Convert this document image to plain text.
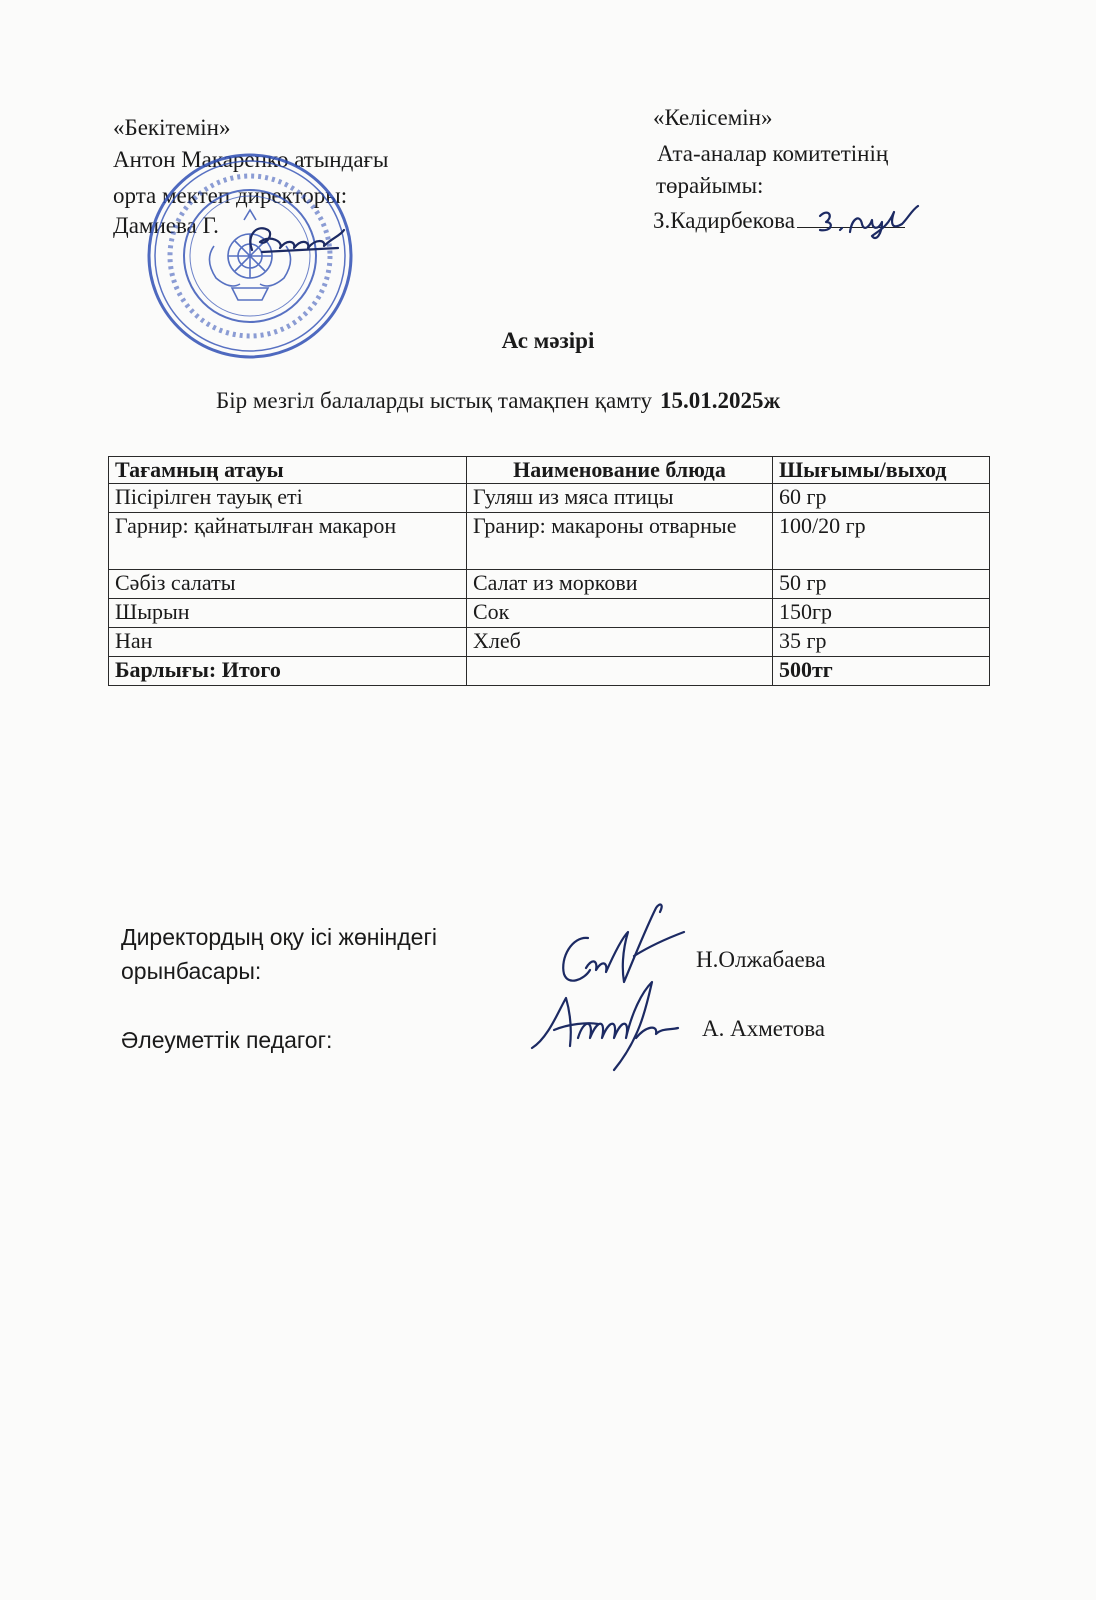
«Бекітемін»
Антон Макаренко атындағы
орта мектеп директоры:
Дамиева Г.
«Келісемін»
Ата-аналар комитетінің
төрайымы:
З.Кадирбекова
Ас мәзірі
Бір мезгіл балаларды ыстық тамақпен қамту 15.01.2025ж
Тағамның атауы	Наименование блюда	Шығымы/выход
Пісірілген тауық еті	Гуляш из мяса птицы	60 гр
Гарнир: қайнатылған макарон	Гранир: макароны отварные	100/20 гр
Сәбіз салаты	Салат из моркови	50 гр
Шырын	Сок	150гр
Нан	Хлеб	35 гр
Барлығы: Итого		500тг
Директордың оқу ісі жөніндегі
орынбасары:	Н.Олжабаева
Әлеуметтік педагог:	А. Ахметова
